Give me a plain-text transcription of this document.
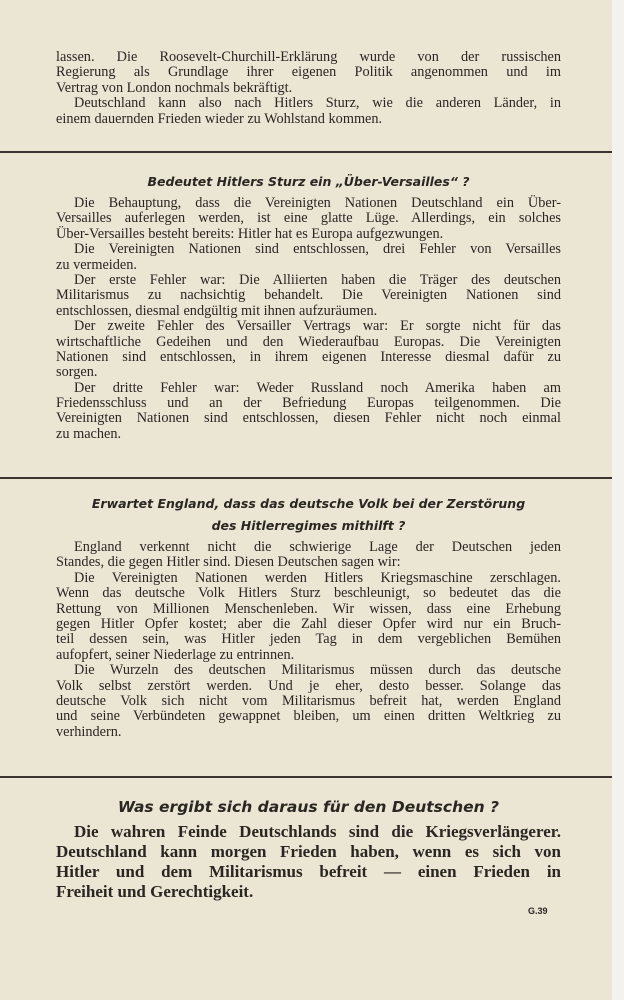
lassen. Die Roosevelt-Churchill-Erklärung wurde von der russischen
Regierung als Grundlage ihrer eigenen Politik angenommen und im
Vertrag von London nochmals bekräftigt.
Deutschland kann also nach Hitlers Sturz, wie die anderen Länder, in
einem dauernden Frieden wieder zu Wohlstand kommen.
Bedeutet Hitlers Sturz ein „Über-Versailles“ ?
Die Behauptung, dass die Vereinigten Nationen Deutschland ein Über-
Versailles auferlegen werden, ist eine glatte Lüge. Allerdings, ein solches
Über-Versailles besteht bereits: Hitler hat es Europa aufgezwungen.
Die Vereinigten Nationen sind entschlossen, drei Fehler von Versailles
zu vermeiden.
Der erste Fehler war: Die Alliierten haben die Träger des deutschen
Militarismus zu nachsichtig behandelt. Die Vereinigten Nationen sind
entschlossen, diesmal endgültig mit ihnen aufzuräumen.
Der zweite Fehler des Versailler Vertrags war: Er sorgte nicht für das
wirtschaftliche Gedeihen und den Wiederaufbau Europas. Die Vereinigten
Nationen sind entschlossen, in ihrem eigenen Interesse diesmal dafür zu
sorgen.
Der dritte Fehler war: Weder Russland noch Amerika haben am
Friedensschluss und an der Befriedung Europas teilgenommen. Die
Vereinigten Nationen sind entschlossen, diesen Fehler nicht noch einmal
zu machen.
Erwartet England, dass das deutsche Volk bei der Zerstörung
des Hitlerregimes mithilft ?
England verkennt nicht die schwierige Lage der Deutschen jeden
Standes, die gegen Hitler sind. Diesen Deutschen sagen wir:
Die Vereinigten Nationen werden Hitlers Kriegsmaschine zerschlagen.
Wenn das deutsche Volk Hitlers Sturz beschleunigt, so bedeutet das die
Rettung von Millionen Menschenleben. Wir wissen, dass eine Erhebung
gegen Hitler Opfer kostet; aber die Zahl dieser Opfer wird nur ein Bruch-
teil dessen sein, was Hitler jeden Tag in dem vergeblichen Bemühen
aufopfert, seiner Niederlage zu entrinnen.
Die Wurzeln des deutschen Militarismus müssen durch das deutsche
Volk selbst zerstört werden. Und je eher, desto besser. Solange das
deutsche Volk sich nicht vom Militarismus befreit hat, werden England
und seine Verbündeten gewappnet bleiben, um einen dritten Weltkrieg zu
verhindern.
Was ergibt sich daraus für den Deutschen ?
Die wahren Feinde Deutschlands sind die Kriegsverlängerer.
Deutschland kann morgen Frieden haben, wenn es sich von
Hitler und dem Militarismus befreit — einen Frieden in
Freiheit und Gerechtigkeit.
G.39
